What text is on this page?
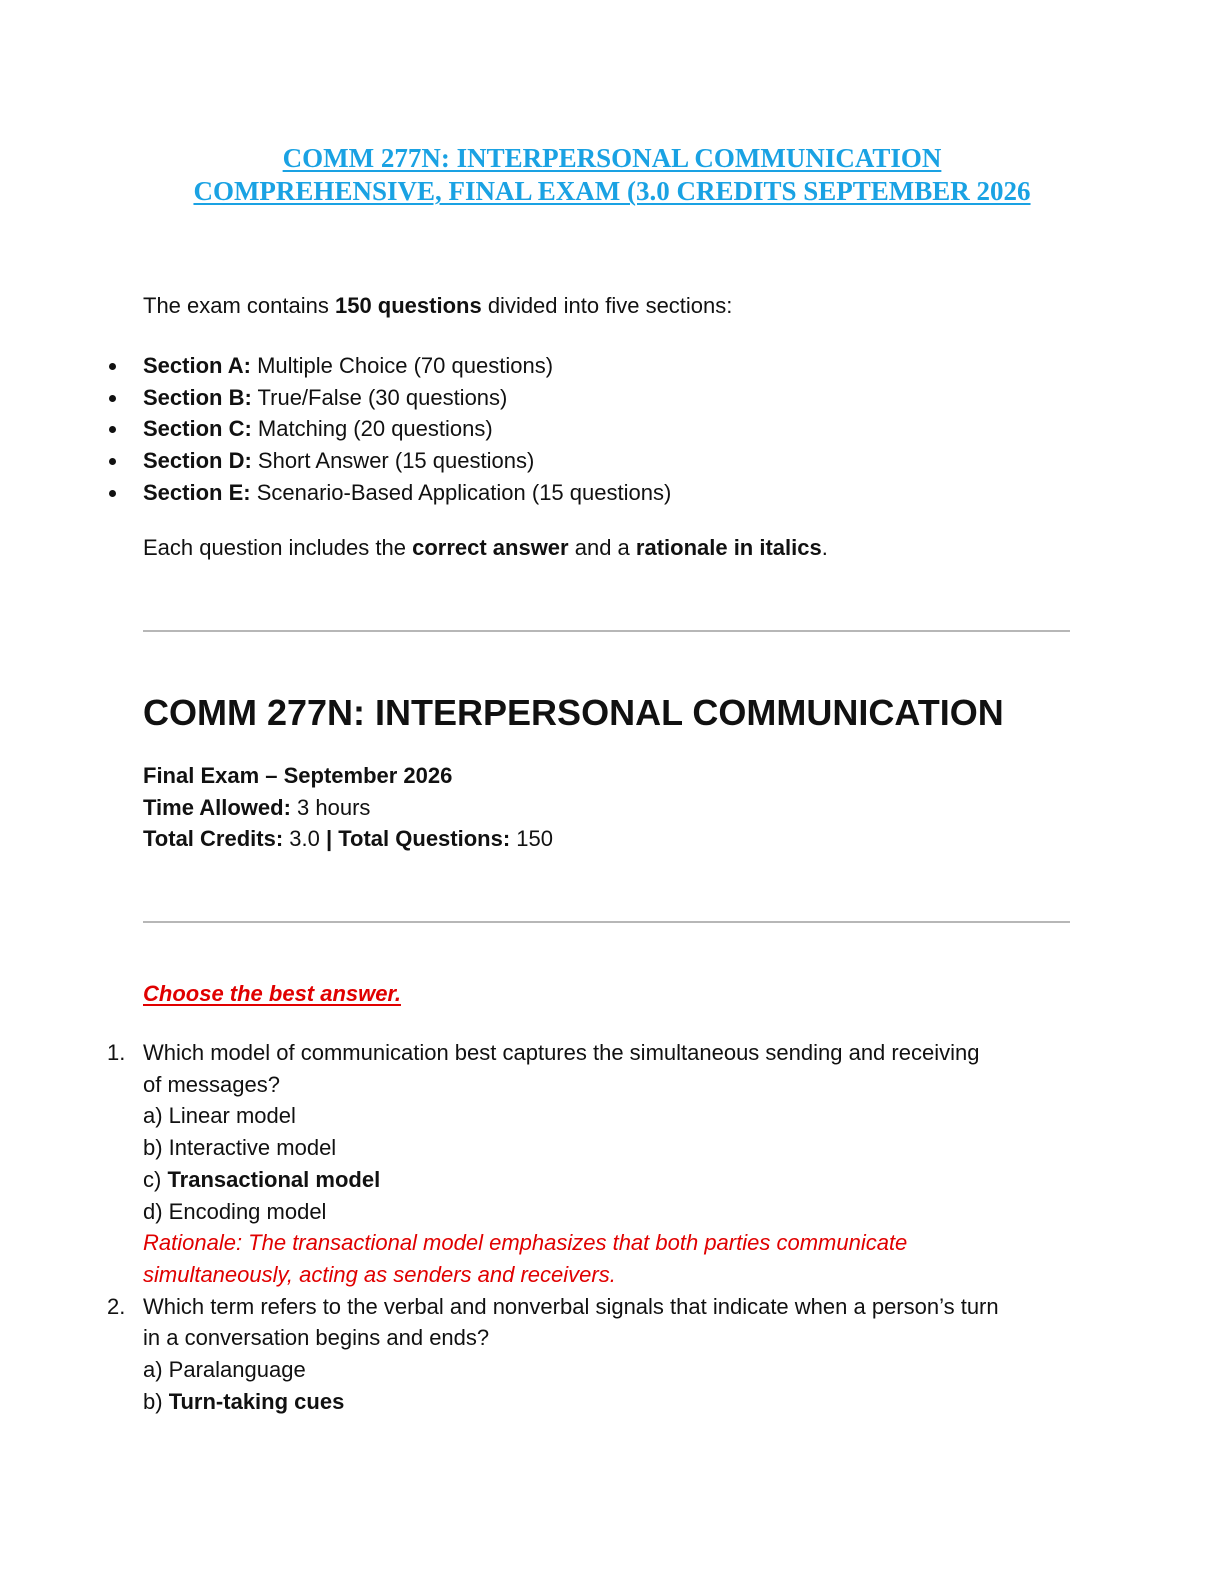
COMM 277N: INTERPERSONAL COMMUNICATION
COMPREHENSIVE, FINAL EXAM (3.0 CREDITS SEPTEMBER 2026
The exam contains 150 questions divided into five sections:
Section A: Multiple Choice (70 questions)
Section B: True/False (30 questions)
Section C: Matching (20 questions)
Section D: Short Answer (15 questions)
Section E: Scenario-Based Application (15 questions)
Each question includes the correct answer and a rationale in italics.
COMM 277N: INTERPERSONAL COMMUNICATION
Final Exam – September 2026
Time Allowed: 3 hours
Total Credits: 3.0 | Total Questions: 150
Choose the best answer.
1. Which model of communication best captures the simultaneous sending and receiving
of messages?
a) Linear model
b) Interactive model
c) Transactional model
d) Encoding model
Rationale: The transactional model emphasizes that both parties communicate
simultaneously, acting as senders and receivers.
2. Which term refers to the verbal and nonverbal signals that indicate when a person’s turn
in a conversation begins and ends?
a) Paralanguage
b) Turn-taking cues
